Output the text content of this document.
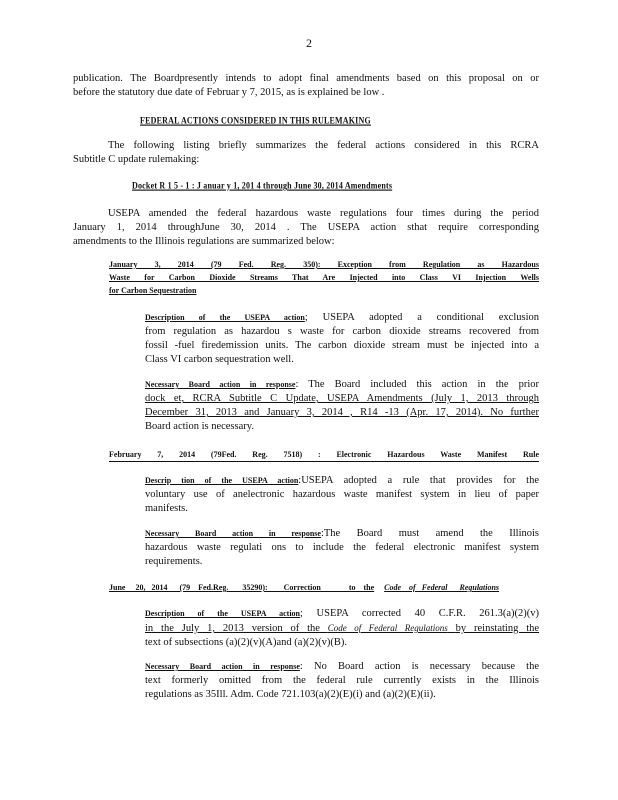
2
publication. The Boardpresently intends to adopt final amendments based on this proposal on or
before the statutory due date of Februar y 7, 2015, as is explained be low .
FEDERAL ACTIONS CONSIDERED IN THIS RULEMAKING
The following listing briefly summarizes the federal actions considered in this RCRA
Subtitle C update rulemaking:
Docket R 1 5 - 1 : J anuar y 1, 201 4 through June 30, 2014 Amendments
USEPA amended the federal hazardous waste regulations four times during the period
January 1, 2014 throughJune 30, 2014 . The USEPA action sthat require corresponding
amendments to the Illinois regulations are summarized below:
January 3, 2014 (79 Fed. Reg. 350): Exception from Regulation as Hazardous
Waste for Carbon Dioxide Streams That Are Injected into Class VI Injection Wells
for Carbon Sequestration
Description of the USEPA action; USEPA adopted a conditional exclusion
from regulation as hazardou s waste for carbon dioxide streams recovered from
fossil -fuel firedemission units. The carbon dioxide stream must be injected into a
Class VI carbon sequestration well.
Necessary Board action in response: The Board included this action in the prior
dock et, RCRA Subtitle C Update, USEPA Amendments (July 1, 2013 through
December 31, 2013 and January 3, 2014 , R14 -13 (Apr. 17, 2014). No further
Board action is necessary.
February 7, 2014 (79Fed. Reg. 7518) : Electronic Hazardous Waste Manifest Rule
Descrip tion of the USEPA action:USEPA adopted a rule that provides for the
voluntary use of anelectronic hazardous waste manifest system in lieu of paper
manifests.
Necessary Board action in response:The Board must amend the Illinois
hazardous waste regulati ons to include the federal electronic manifest system
requirements.
June     20,   2014      (79    Fed.Reg.       35290):        Correction              to    the Code    of   Federal      Regulations
Description of the USEPA action; USEPA corrected 40 C.F.R. 261.3(a)(2)(v)
in the July 1, 2013 version of the Code of Federal Regulations by reinstating the
text of subsections (a)(2)(v)(A)and (a)(2)(v)(B).
Necessary Board action in response: No Board action is necessary because the
text formerly omitted from the federal rule currently exists in the Illinois
regulations as 35Ill. Adm. Code 721.103(a)(2)(E)(i) and (a)(2)(E)(ii).
